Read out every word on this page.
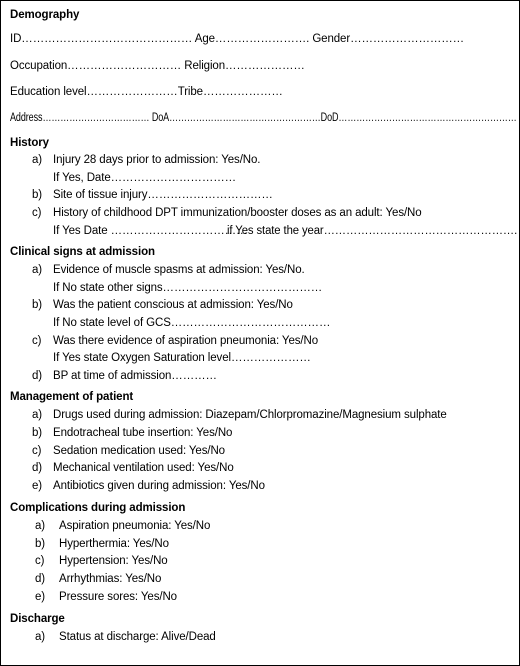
Demography
ID……………………………………… Age……………………. Gender…………………………
Occupation………………………… Religion…………………
Education level……………………Tribe…………………
Address……………………………… DoA……………………………………………DoD……………………………………………………
History
a) Injury 28 days prior to admission: Yes/No.
If Yes, Date……………………………
b) Site of tissue injury……………………………
c) History of childhood DPT immunization/booster doses as an adult: Yes/No
If Yes Date ………………………………
if Yes state the year…………………………………………….
Clinical signs at admission
a) Evidence of muscle spasms at admission: Yes/No.
If No state other signs……………………………………
b) Was the patient conscious at admission: Yes/No
If No state level of GCS……………………………………
c) Was there evidence of aspiration pneumonia: Yes/No
If Yes state Oxygen Saturation level…………………
d) BP at time of admission…………
Management of patient
a) Drugs used during admission: Diazepam/Chlorpromazine/Magnesium sulphate
b) Endotracheal tube insertion: Yes/No
c) Sedation medication used: Yes/No
d) Mechanical ventilation used: Yes/No
e) Antibiotics given during admission: Yes/No
Complications during admission
a) Aspiration pneumonia: Yes/No
b) Hyperthermia: Yes/No
c) Hypertension: Yes/No
d) Arrhythmias: Yes/No
e) Pressure sores: Yes/No
Discharge
a) Status at discharge: Alive/Dead
